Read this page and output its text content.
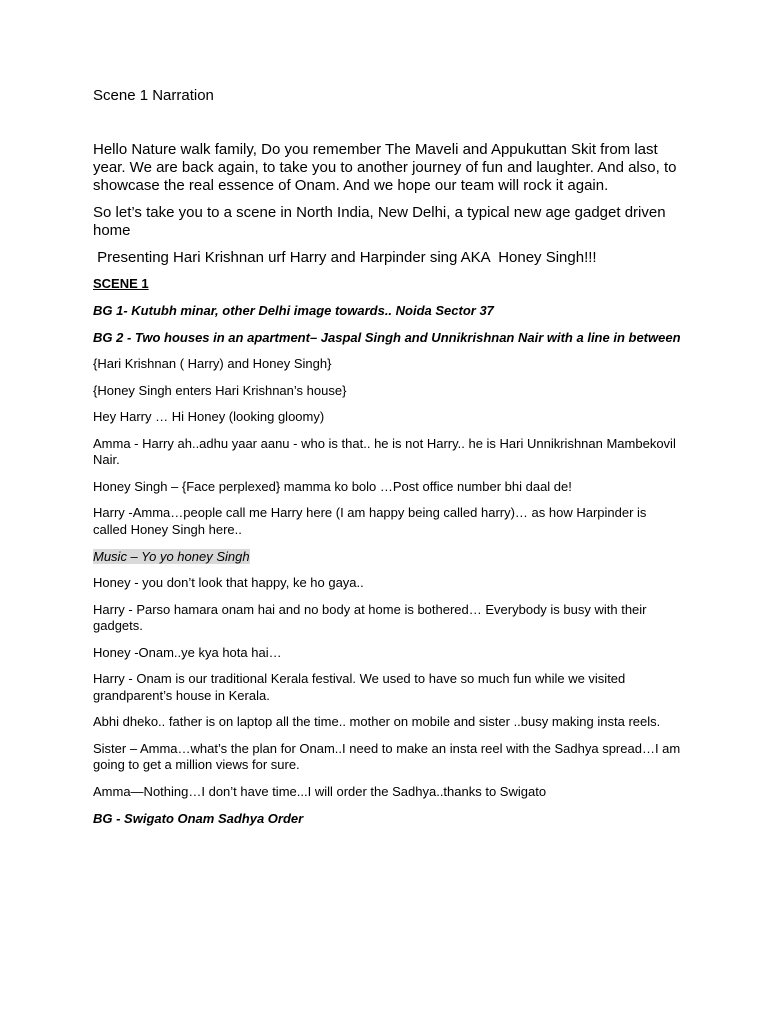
Scene 1 Narration

Hello Nature walk family, Do you remember The Maveli and Appukuttan Skit from last year. We are back again, to take you to another journey of fun and laughter. And also, to showcase the real essence of Onam. And we hope our team will rock it again.

So let’s take you to a scene in North India, New Delhi, a typical new age gadget driven home

Presenting Hari Krishnan urf Harry and Harpinder sing AKA  Honey Singh!!!

SCENE 1

BG 1- Kutubh minar, other Delhi image towards.. Noida Sector 37

BG 2 - Two houses in an apartment– Jaspal Singh and Unnikrishnan Nair with a line in between

{Hari Krishnan ( Harry) and Honey Singh}

{Honey Singh enters Hari Krishnan’s house}

Hey Harry … Hi Honey (looking gloomy)

Amma - Harry ah..adhu yaar aanu - who is that.. he is not Harry.. he is Hari Unnikrishnan Mambekovil Nair.

Honey Singh – {Face perplexed} mamma ko bolo …Post office number bhi daal de!

Harry -Amma…people call me Harry here (I am happy being called harry)… as how Harpinder is called Honey Singh here..

Music – Yo yo honey Singh

Honey - you don’t look that happy, ke ho gaya..

Harry - Parso hamara onam hai and no body at home is bothered… Everybody is busy with their gadgets.

Honey -Onam..ye kya hota hai…

Harry - Onam is our traditional Kerala festival. We used to have so much fun while we visited grandparent’s house in Kerala.

Abhi dheko.. father is on laptop all the time.. mother on mobile and sister ..busy making insta reels.

Sister – Amma…what’s the plan for Onam..I need to make an insta reel with the Sadhya spread…I am going to get a million views for sure.

Amma—Nothing…I don’t have time...I will order the Sadhya..thanks to Swigato

BG - Swigato Onam Sadhya Order
